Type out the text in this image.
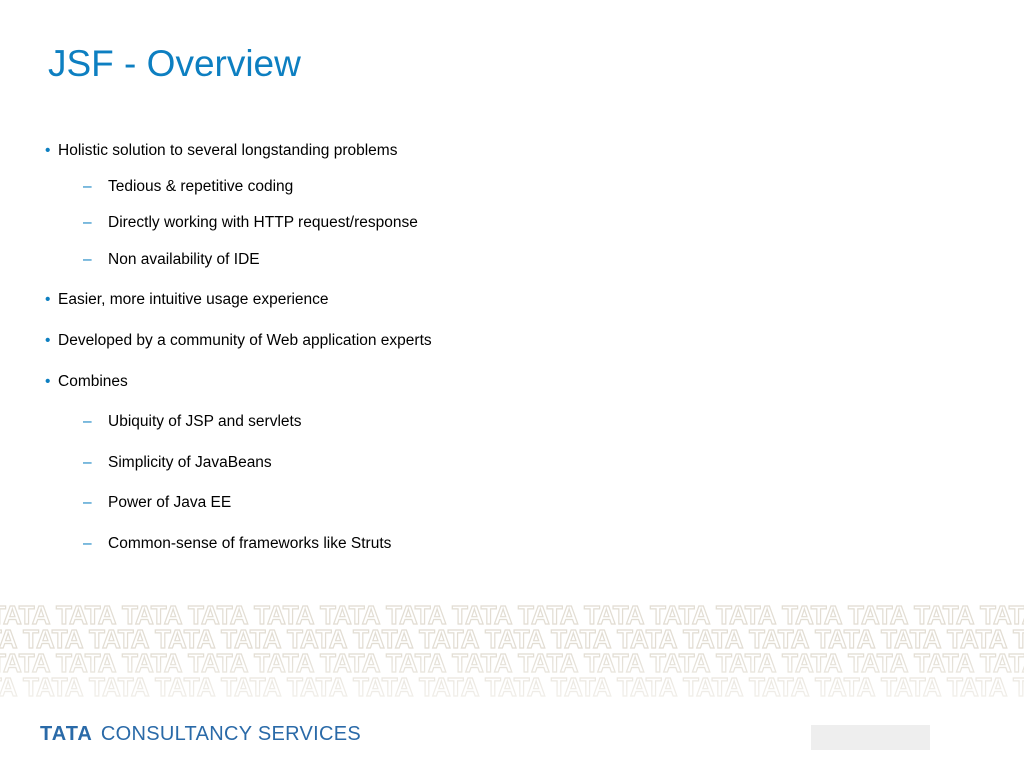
JSF - Overview
• Holistic solution to several longstanding problems
– Tedious & repetitive coding
– Directly working with HTTP request/response
– Non availability of IDE
• Easier, more intuitive usage experience
• Developed by a community of Web application experts
• Combines
– Ubiquity of JSP and servlets
– Simplicity of JavaBeans
– Power of Java EE
– Common-sense of frameworks like Struts
TATA CONSULTANCY SERVICES
